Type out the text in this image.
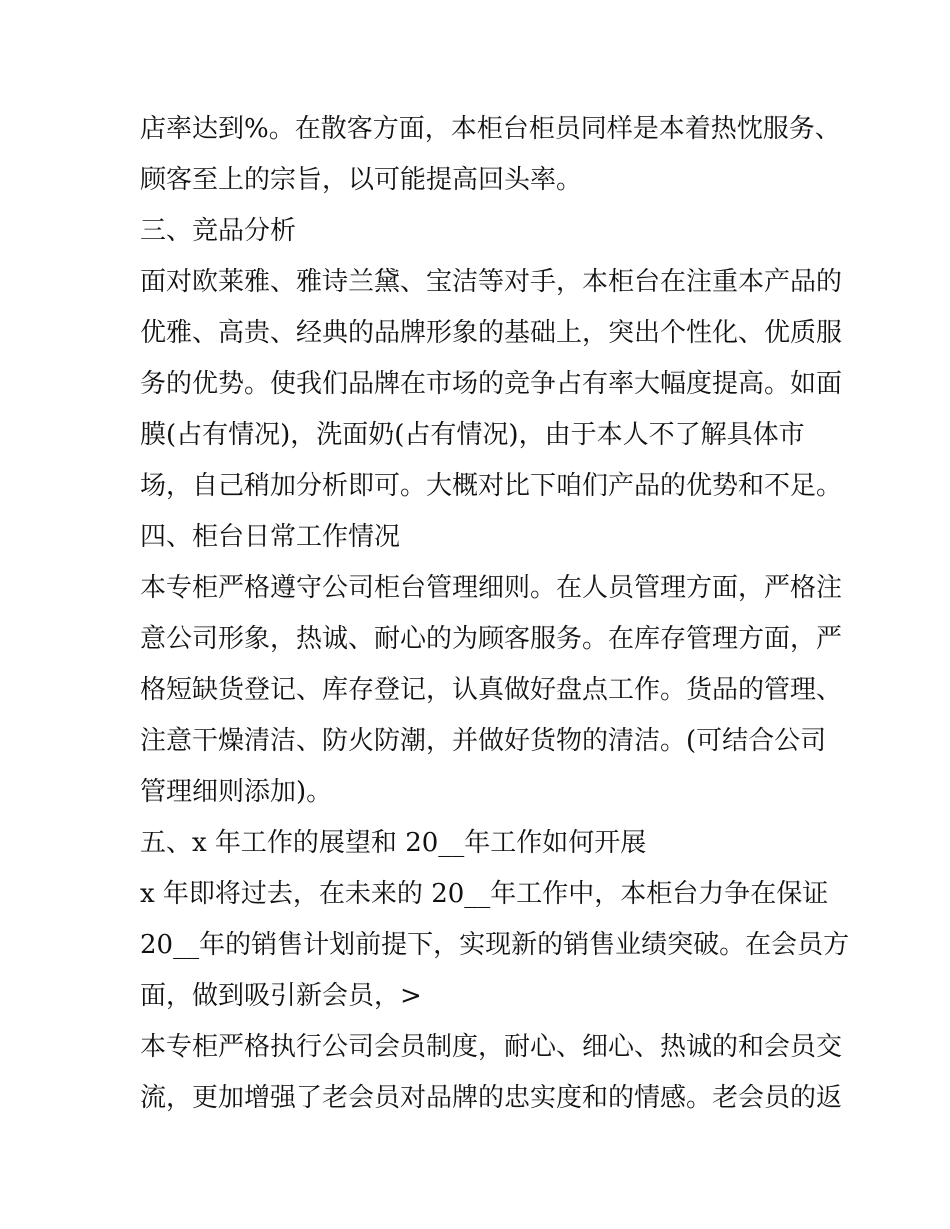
店率达到%。在散客方面，本柜台柜员同样是本着热忱服务、

顾客至上的宗旨，以可能提高回头率。

三、竞品分析

面对欧莱雅、雅诗兰黛、宝洁等对手，本柜台在注重本产品的

优雅、高贵、经典的品牌形象的基础上，突出个性化、优质服

务的优势。使我们品牌在市场的竞争占有率大幅度提高。如面

膜(占有情况)，洗面奶(占有情况)，由于本人不了解具体市

场，自己稍加分析即可。大概对比下咱们产品的优势和不足。

四、柜台日常工作情况

本专柜严格遵守公司柜台管理细则。在人员管理方面，严格注

意公司形象，热诚、耐心的为顾客服务。在库存管理方面，严

格短缺货登记、库存登记，认真做好盘点工作。货品的管理、

注意干燥清洁、防火防潮，并做好货物的清洁。(可结合公司

管理细则添加)。

五、x 年工作的展望和 20__年工作如何开展

x 年即将过去，在未来的 20__年工作中，本柜台力争在保证

20__年的销售计划前提下，实现新的销售业绩突破。在会员方

面，做到吸引新会员，>

本专柜严格执行公司会员制度，耐心、细心、热诚的和会员交

流，更加增强了老会员对品牌的忠实度和的情感。老会员的返
